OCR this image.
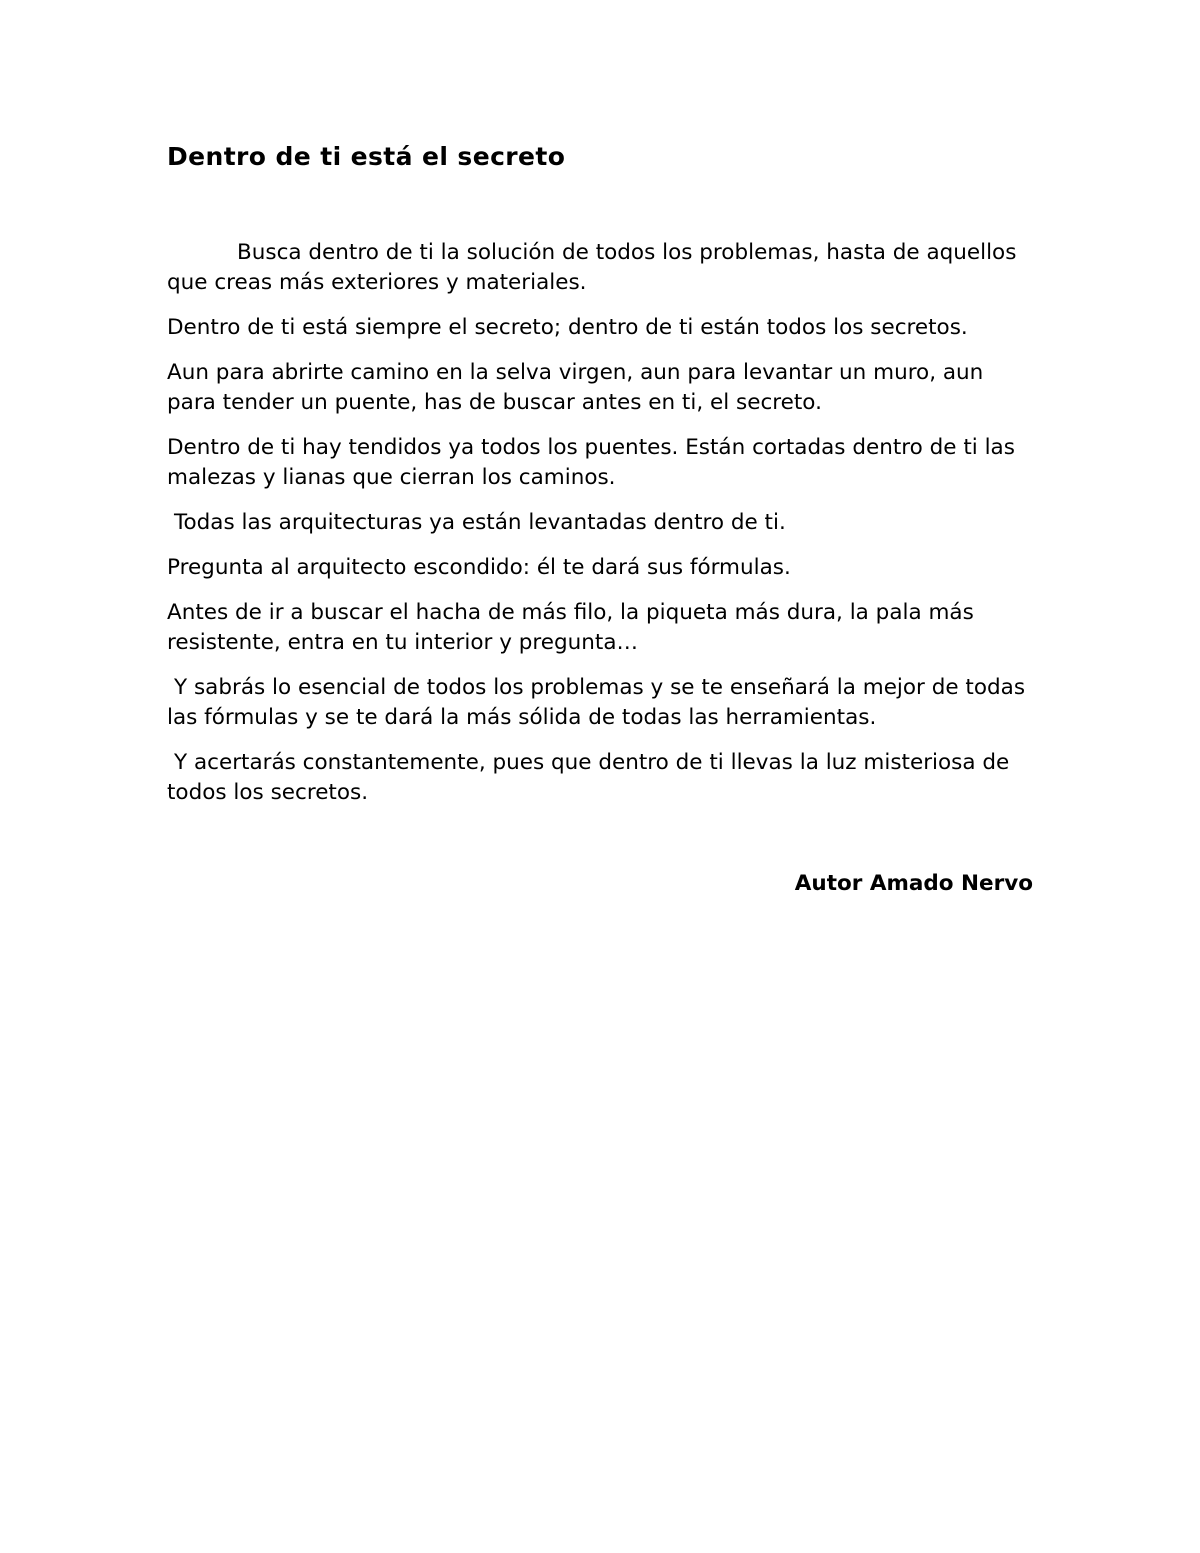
Dentro de ti está el secreto

Busca dentro de ti la solución de todos los problemas, hasta de aquellos que creas más exteriores y materiales.

Dentro de ti está siempre el secreto; dentro de ti están todos los secretos.

Aun para abrirte camino en la selva virgen, aun para levantar un muro, aun para tender un puente, has de buscar antes en ti, el secreto.

Dentro de ti hay tendidos ya todos los puentes. Están cortadas dentro de ti las malezas y lianas que cierran los caminos.

Todas las arquitecturas ya están levantadas dentro de ti.

Pregunta al arquitecto escondido: él te dará sus fórmulas.

Antes de ir a buscar el hacha de más filo, la piqueta más dura, la pala más resistente, entra en tu interior y pregunta…

Y sabrás lo esencial de todos los problemas y se te enseñará la mejor de todas las fórmulas y se te dará la más sólida de todas las herramientas.

Y acertarás constantemente, pues que dentro de ti llevas la luz misteriosa de todos los secretos.

Autor Amado Nervo
